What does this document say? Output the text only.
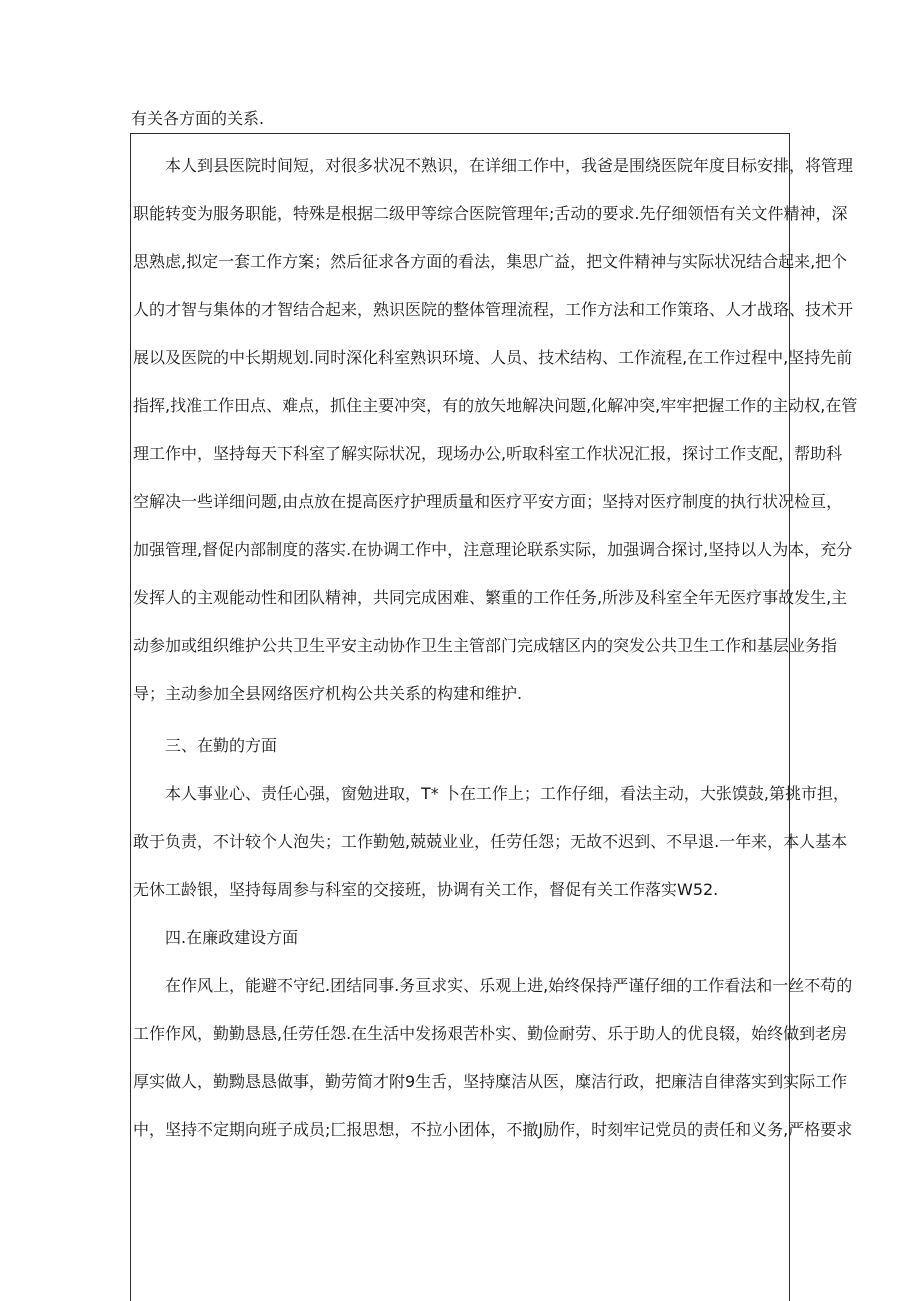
有关各方面的关系.
本人到县医院时间短，对很多状况不熟识，在详细工作中，我爸是围绕医院年度目标安排，将管理
职能转变为服务职能，特殊是根据二级甲等综合医院管理年;舌动的要求.先仔细领悟有关文件精神，深
思熟虑,拟定一套工作方案；然后征求各方面的看法，集思广益，把文件精神与实际状况结合起来,把个
人的才智与集体的才智结合起来，熟识医院的整体管理流程，工作方法和工作策珞、人才战珞、技术开
展以及医院的中长期规划.同时深化科室熟识环境、人员、技术结构、工作流程,在工作过程中,坚持先前
指挥,找准工作田点、难点，抓住主要冲突，有的放矢地解决问题,化解冲突,牢牢把握工作的主动权,在管
理工作中，坚持每天下科室了解实际状况，现场办公,听取科室工作状况汇报，探讨工作支配，帮助科
空解决一些详细问题,由点放在提高医疗护理质量和医疗平安方面；坚持对医疗制度的执行状况检亘，
加强管理,督促内部制度的落实.在协调工作中，注意理论联系实际，加强调合探讨,坚持以人为本，充分
发挥人的主观能动性和团队精神，共同完成困难、繁重的工作任务,所涉及科室全年无医疗事故发生,主
动参加或组织维护公共卫生平安主动协作卫生主管部门完成辖区内的突发公共卫生工作和基层业务指
导；主动参加全县网络医疗机构公共关系的构建和维护.
三、在勤的方面
本人事业心、责任心强，窗勉进取，T* 卜在工作上；工作仔细，看法主动，大张馍鼓,第挑市担，
敢于负责，不计较个人泡失；工作勤勉,兢兢业业，任劳任怨；无故不迟到、不早退.一年来，本人基本
无休工龄银，坚持每周参与科室的交接班，协调有关工作，督促有关工作落实W52.
四.在廉政建设方面
在作风上，能避不守纪.团结同事.务亘求实、乐观上进,始终保持严谨仔细的工作看法和一丝不苟的
工作作风，勤勤恳恳,任劳任怨.在生活中发扬艰苦朴实、勤俭耐劳、乐于助人的优良辍，始终做到老房
厚实做人，勤黝恳恳做事，勤劳简才附9生舌，坚持糜洁从医，糜洁行政，把廉洁自律落实到实际工作
中，坚持不定期向班子成员;匚报思想，不拉小团体，不撤J励作，时刻牢记党员的责任和义务,严格要求
